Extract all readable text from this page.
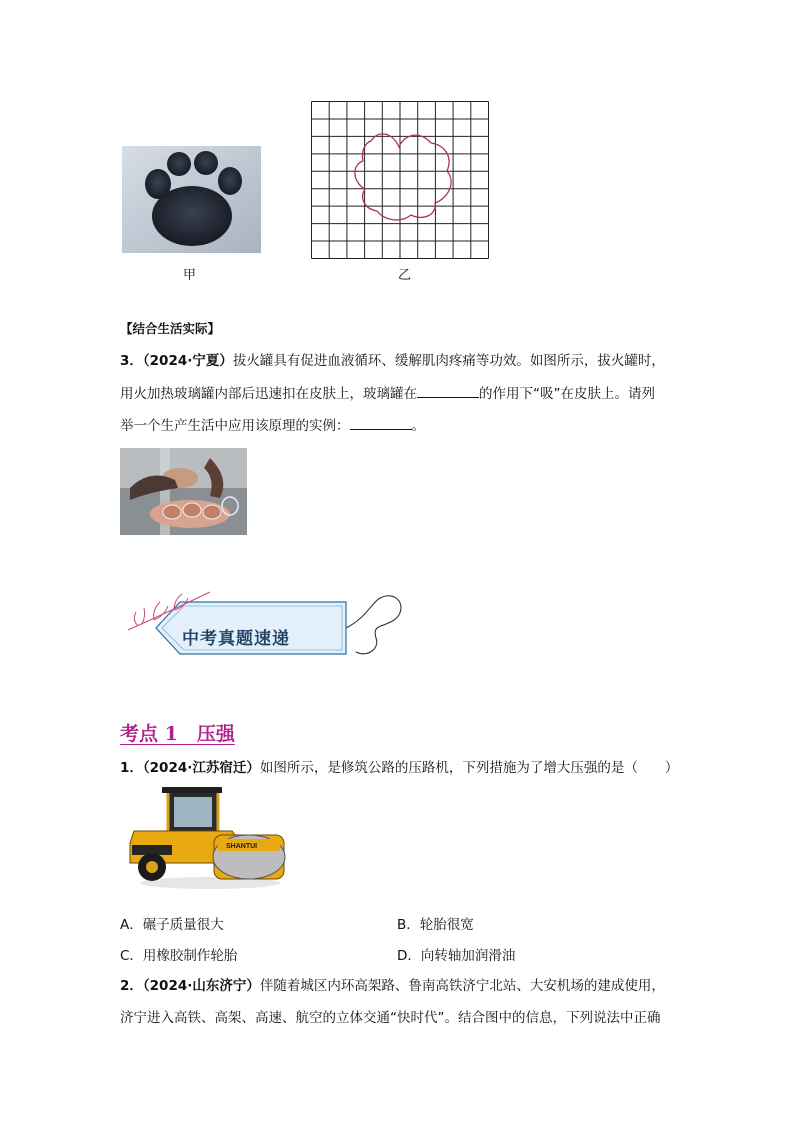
甲	乙
【结合生活实际】
3．（2024·宁夏）拔火罐具有促进血液循环、缓解肌肉疼痛等功效。如图所示，拔火罐时，
用火加热玻璃罐内部后迅速扣在皮肤上，玻璃罐在	的作用下“吸”在皮肤上。请列
举一个生产生活中应用该原理的实例：	。
中考真题速递
考点 1　压强
1．（2024·江苏宿迁）如图所示，是修筑公路的压路机，下列措施为了增大压强的是（　　）
SHANTUI
A．碾子质量很大	B．轮胎很宽
C．用橡胶制作轮胎	D．向转轴加润滑油
2．（2024·山东济宁）伴随着城区内环高架路、鲁南高铁济宁北站、大安机场的建成使用，
济宁进入高铁、高架、高速、航空的立体交通“快时代”。结合图中的信息，下列说法中正确
